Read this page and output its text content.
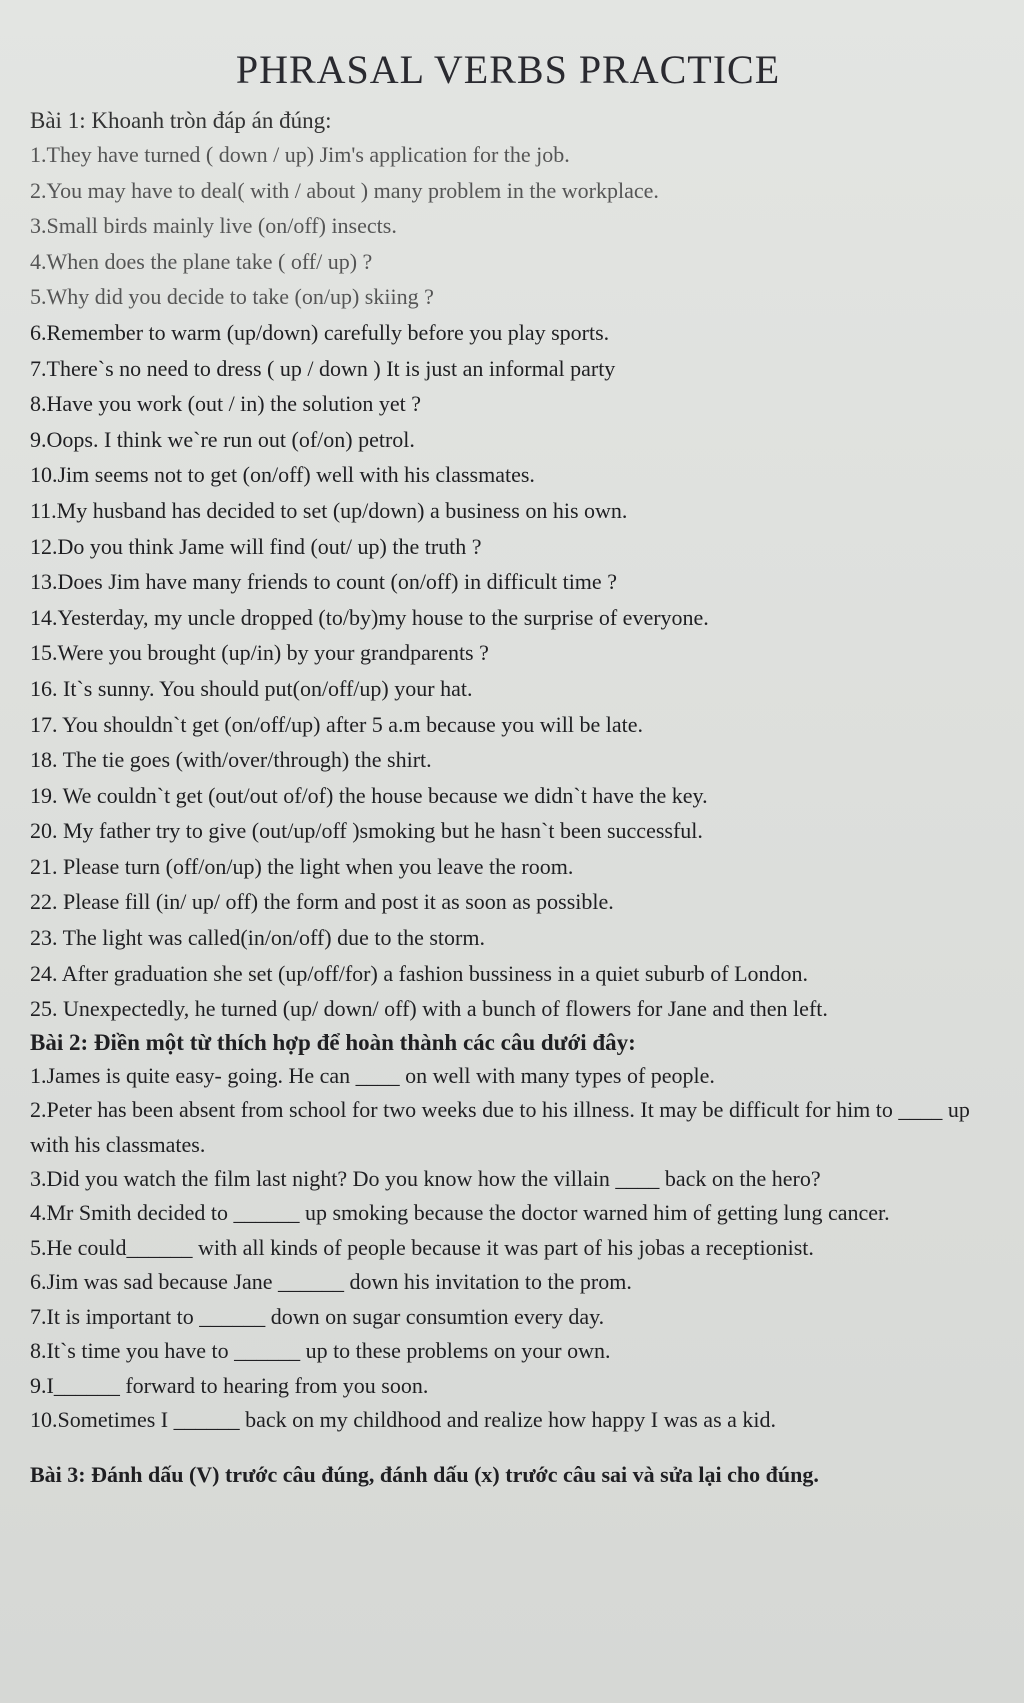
PHRASAL VERBS PRACTICE

Bài 1: Khoanh tròn đáp án đúng:

1.They have turned ( down / up) Jim's application for the job.

2.You may have to deal( with / about ) many problem in the workplace.

3.Small birds mainly live (on/off) insects.

4.When does the plane take ( off/ up) ?

5.Why did you decide to take (on/up) skiing ?

6.Remember to warm (up/down) carefully before you play sports.

7.There`s no need to dress ( up / down ) It is just an informal party

8.Have you work (out / in) the solution yet ?

9.Oops. I think we`re run out (of/on) petrol.

10.Jim seems not to get (on/off) well with his classmates.

11.My husband has decided to set (up/down) a business on his own.

12.Do you think Jame will find (out/ up) the truth ?

13.Does Jim have many friends to count (on/off) in difficult time ?

14.Yesterday, my uncle dropped (to/by)my house to the surprise of everyone.

15.Were you brought (up/in) by your grandparents ?

16. It`s sunny. You should put(on/off/up) your hat.

17. You shouldn`t get (on/off/up) after 5 a.m because you will be late.

18. The tie goes (with/over/through) the shirt.

19. We couldn`t get (out/out of/of) the house because we didn`t have the key.

20. My father try to give (out/up/off )smoking but he hasn`t been successful.

21. Please turn (off/on/up) the light when you leave the room.

22. Please fill (in/ up/ off) the form and post it as soon as possible.

23. The light was called(in/on/off) due to the storm.

24. After graduation she set (up/off/for) a fashion bussiness in a quiet suburb of London.

25. Unexpectedly, he turned (up/ down/ off) with a bunch of flowers for Jane and then left.

Bài 2: Điền một từ thích hợp để hoàn thành các câu dưới đây:

1.James is quite easy- going. He can ____ on well with many types of people.

2.Peter has been absent from school for two weeks due to his illness. It may be difficult for him to ____ up with his classmates.

3.Did you watch the film last night? Do you know how the villain ____ back on the hero?

4.Mr Smith decided to ______ up smoking because the doctor warned him of getting lung cancer.

5.He could______ with all kinds of people because it was part of his jobas a receptionist.

6.Jim was sad because Jane ______ down his invitation to the prom.

7.It is important to ______ down on sugar consumtion every day.

8.It`s time you have to ______ up to these problems on your own.

9.I______ forward to hearing from you soon.

10.Sometimes I ______ back on my childhood and realize how happy I was as a kid.

Bài 3: Đánh dấu (V) trước câu đúng, đánh dấu (x) trước câu sai và sửa lại cho đúng.
